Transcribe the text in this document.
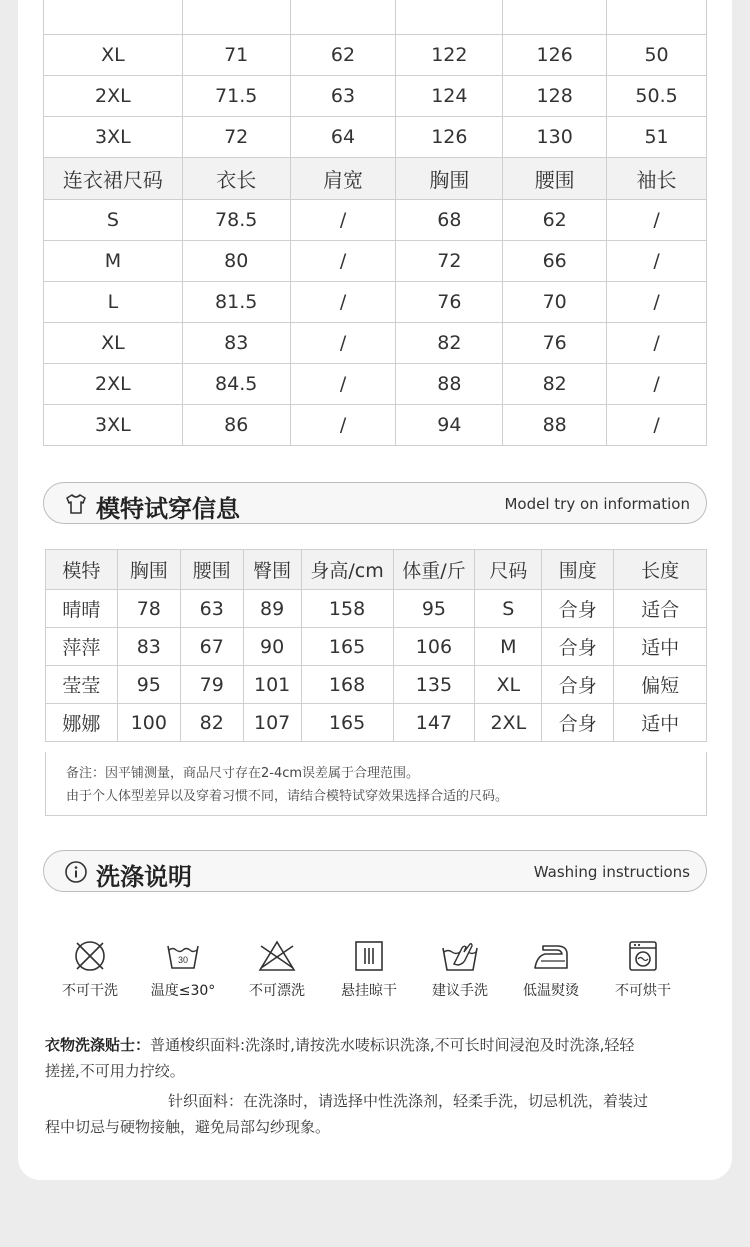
XL	71	62	122	126	50
2XL	71.5	63	124	128	50.5
3XL	72	64	126	130	51
连衣裙尺码	衣长	肩宽	胸围	腰围	袖长
S	78.5	/	68	62	/
M	80	/	72	66	/
L	81.5	/	76	70	/
XL	83	/	82	76	/
2XL	84.5	/	88	82	/
3XL	86	/	94	88	/
模特试穿信息	Model try on information
模特	胸围	腰围	臀围	身高/cm	体重/斤	尺码	围度	长度
晴晴	78	63	89	158	95	S	合身	适合
萍萍	83	67	90	165	106	M	合身	适中
莹莹	95	79	101	168	135	XL	合身	偏短
娜娜	100	82	107	165	147	2XL	合身	适中
备注：因平铺测量，商品尺寸存在2-4cm误差属于合理范围。
由于个人体型差异以及穿着习惯不同，请结合模特试穿效果选择合适的尺码。
洗涤说明	Washing instructions
不可干洗
30
温度≤30°	不可漂洗	悬挂晾干	建议手洗	低温熨烫	不可烘干
衣物洗涤贴士：普通梭织面料:洗涤时,请按洗水唛标识洗涤,不可长时间浸泡及时洗涤,轻轻
搓搓,不可用力拧绞。
针织面料：在洗涤时，请选择中性洗涤剂，轻柔手洗，切忌机洗，着装过
程中切忌与硬物接触，避免局部勾纱现象。
